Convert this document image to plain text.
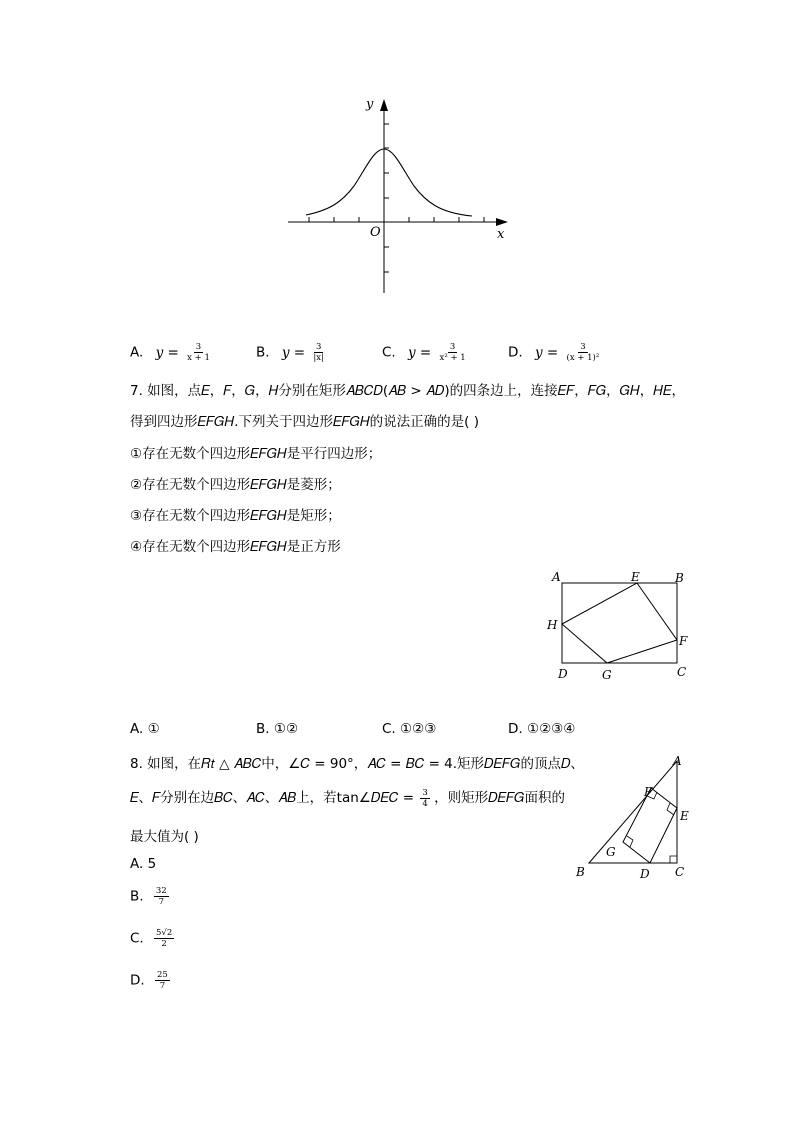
y
x
O
A. $y = \frac{3}{x + 1}$	B. $y = \frac{3}{|x|}$	C. $y = \frac{3}{\text{x² + 1}}$	D. $y = \frac{3}{\text{(x + 1)²}}$
7. 如图，点𝐸，𝐹，𝐺，𝐻分别在矩形𝐴𝐵𝐶𝐷(𝐴𝐵 > 𝐴𝐷)的四条边上，连接𝐸𝐹，𝐹𝐺，𝐺𝐻，𝐻𝐸，
得到四边形𝐸𝐹𝐺𝐻.下列关于四边形𝐸𝐹𝐺𝐻的说法正确的是( )
①存在无数个四边形𝐸𝐹𝐺𝐻是平行四边形；
②存在无数个四边形𝐸𝐹𝐺𝐻是菱形；
③存在无数个四边形𝐸𝐹𝐺𝐻是矩形；
④存在无数个四边形𝐸𝐹𝐺𝐻是正方形
A	E	B
H
F
D	G	C
A. ①	B. ①②	C. ①②③	D. ①②③④
8. 如图，在𝑅𝑡 △ 𝐴𝐵𝐶中，∠𝐶 = 90°，𝐴𝐶 = 𝐵𝐶 = 4.矩形𝐷𝐸𝐹𝐺的顶点𝐷、
𝐸、𝐹分别在边𝐵𝐶、𝐴𝐶、𝐴𝐵上，若tan∠𝐷𝐸𝐶 = $\frac{3}{4}$ ，则矩形𝐷𝐸𝐹𝐺面积的
最大值为( )
A. 5
B. $\frac{32}{7}$
C. $\frac{5√2}{2}$
D. $\frac{25}{7}$
A
F
E
G
B	D C
